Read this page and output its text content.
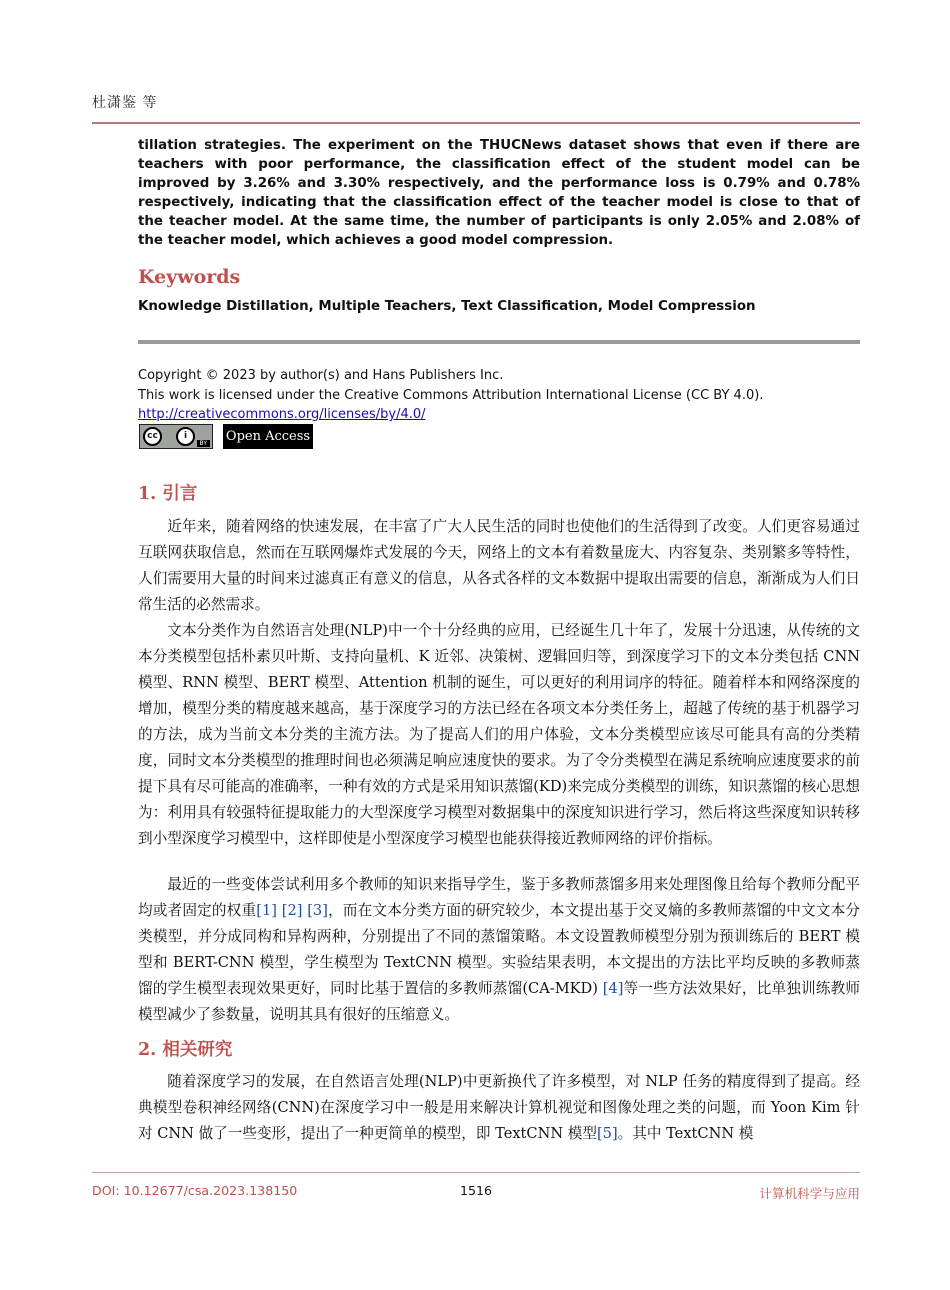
杜潇鉴 等
tillation strategies. The experiment on the THUCNews dataset shows that even if there are teachers with poor performance, the classification effect of the student model can be improved by 3.26% and 3.30% respectively, and the performance loss is 0.79% and 0.78% respectively, indicating that the classification effect of the teacher model is close to that of the teacher model. At the same time, the number of participants is only 2.05% and 2.08% of the teacher model, which achieves a good model compression.
Keywords
Knowledge Distillation, Multiple Teachers, Text Classification, Model Compression
Copyright © 2023 by author(s) and Hans Publishers Inc.
This work is licensed under the Creative Commons Attribution International License (CC BY 4.0).
http://creativecommons.org/licenses/by/4.0/
cc	i
BY Open Access
1. 引言
近年来，随着网络的快速发展，在丰富了广大人民生活的同时也使他们的生活得到了改变。人们更容易通过互联网获取信息，然而在互联网爆炸式发展的今天，网络上的文本有着数量庞大、内容复杂、类别繁多等特性，人们需要用大量的时间来过滤真正有意义的信息，从各式各样的文本数据中提取出需要的信息，渐渐成为人们日常生活的必然需求。
文本分类作为自然语言处理(NLP)中一个十分经典的应用，已经诞生几十年了，发展十分迅速，从传统的文本分类模型包括朴素贝叶斯、支持向量机、K 近邻、决策树、逻辑回归等，到深度学习下的文本分类包括 CNN 模型、RNN 模型、BERT 模型、Attention 机制的诞生，可以更好的利用词序的特征。随着样本和网络深度的增加，模型分类的精度越来越高，基于深度学习的方法已经在各项文本分类任务上，超越了传统的基于机器学习的方法，成为当前文本分类的主流方法。为了提高人们的用户体验，文本分类模型应该尽可能具有高的分类精度，同时文本分类模型的推理时间也必须满足响应速度快的要求。为了令分类模型在满足系统响应速度要求的前提下具有尽可能高的准确率，一种有效的方式是采用知识蒸馏(KD)来完成分类模型的训练，知识蒸馏的核心思想为：利用具有较强特征提取能力的大型深度学习模型对数据集中的深度知识进行学习，然后将这些深度知识转移到小型深度学习模型中，这样即使是小型深度学习模型也能获得接近教师网络的评价指标。
最近的一些变体尝试利用多个教师的知识来指导学生，鉴于多教师蒸馏多用来处理图像且给每个教师分配平均或者固定的权重[1] [2] [3]，而在文本分类方面的研究较少，本文提出基于交叉熵的多教师蒸馏的中文文本分类模型，并分成同构和异构两种，分别提出了不同的蒸馏策略。本文设置教师模型分别为预训练后的 BERT 模型和 BERT-CNN 模型，学生模型为 TextCNN 模型。实验结果表明，本文提出的方法比平均反映的多教师蒸馏的学生模型表现效果更好，同时比基于置信的多教师蒸馏(CA-MKD) [4]等一些方法效果好，比单独训练教师模型减少了参数量，说明其具有很好的压缩意义。
2. 相关研究
随着深度学习的发展，在自然语言处理(NLP)中更新换代了许多模型，对 NLP 任务的精度得到了提高。经典模型卷积神经网络(CNN)在深度学习中一般是用来解决计算机视觉和图像处理之类的问题，而 Yoon Kim 针对 CNN 做了一些变形，提出了一种更简单的模型，即 TextCNN 模型[5]。其中 TextCNN 模
DOI: 10.12677/csa.2023.138150	1516	计算机科学与应用
